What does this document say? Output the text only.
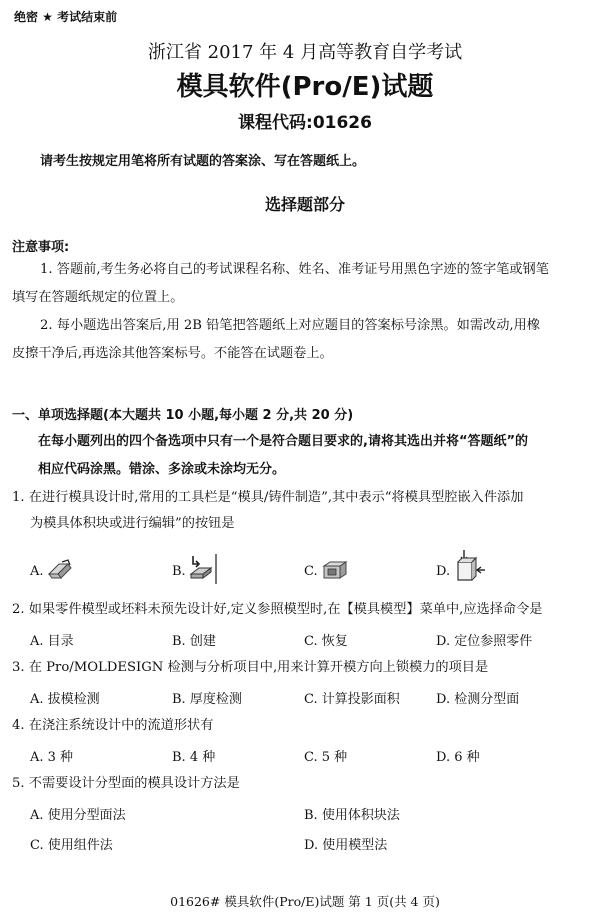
绝密 ★ 考试结束前
浙江省 2017 年 4 月高等教育自学考试
模具软件(Pro/E)试题
课程代码:01626
请考生按规定用笔将所有试题的答案涂、写在答题纸上。
选择题部分
注意事项:
1. 答题前,考生务必将自己的考试课程名称、姓名、准考证号用黑色字迹的签字笔或钢笔
填写在答题纸规定的位置上。
2. 每小题选出答案后,用 2B 铅笔把答题纸上对应题目的答案标号涂黑。如需改动,用橡
皮擦干净后,再选涂其他答案标号。不能答在试题卷上。
一、单项选择题(本大题共 10 小题,每小题 2 分,共 20 分)
在每小题列出的四个备选项中只有一个是符合题目要求的,请将其选出并将“答题纸”的
相应代码涂黑。错涂、多涂或未涂均无分。
1. 在进行模具设计时,常用的工具栏是“模具/铸件制造”,其中表示“将模具型腔嵌入件添加
为模具体积块或进行编辑”的按钮是
A.	B.	C.	D.
2. 如果零件模型或坯料未预先设计好,定义参照模型时,在【模具模型】菜单中,应选择命令是
A. 目录	B. 创建	C. 恢复	D. 定位参照零件
3. 在 Pro/MOLDESIGN 检测与分析项目中,用来计算开模方向上锁模力的项目是
A. 拔模检测	B. 厚度检测	C. 计算投影面积	D. 检测分型面
4. 在浇注系统设计中的流道形状有
A. 3 种	B. 4 种	C. 5 种	D. 6 种
5. 不需要设计分型面的模具设计方法是
A. 使用分型面法	B. 使用体积块法
C. 使用组件法	D. 使用模型法
01626# 模具软件(Pro/E)试题 第 1 页(共 4 页)
